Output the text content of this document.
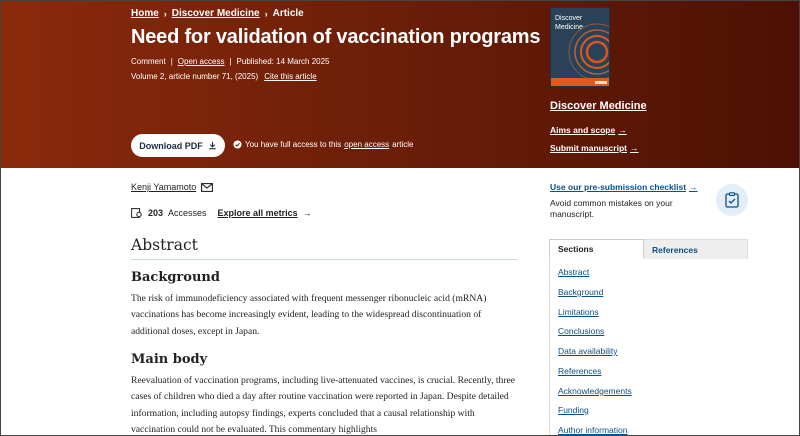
Home › Discover Medicine › Article
Need for validation of vaccination programs
Comment | Open access | Published: 14 March 2025
Volume 2, article number 71, (2025) Cite this article
Download PDF	You have full access to this open access article
Discover
Medicine
Discover Medicine
Aims and scope →
Submit manuscript →
Kenji Yamamoto
203 Accesses Explore all metrics →
Abstract
Background

The risk of immunodeficiency associated with frequent messenger ribonucleic acid (mRNA) vaccinations has become increasingly evident, leading to the widespread discontinuation of additional doses, except in Japan.

Main body

Reevaluation of vaccination programs, including live-attenuated vaccines, is crucial. Recently, three cases of children who died a day after routine vaccination were reported in Japan. Despite detailed information, including autopsy findings, experts concluded that a causal relationship with vaccination could not be evaluated. This commentary highlights

Use our pre-submission checklist →
Avoid common mistakes on your manuscript.
Sections	References
Abstract
Background
Limitations
Conclusions
Data availability
References
Acknowledgements
Funding
Author information
